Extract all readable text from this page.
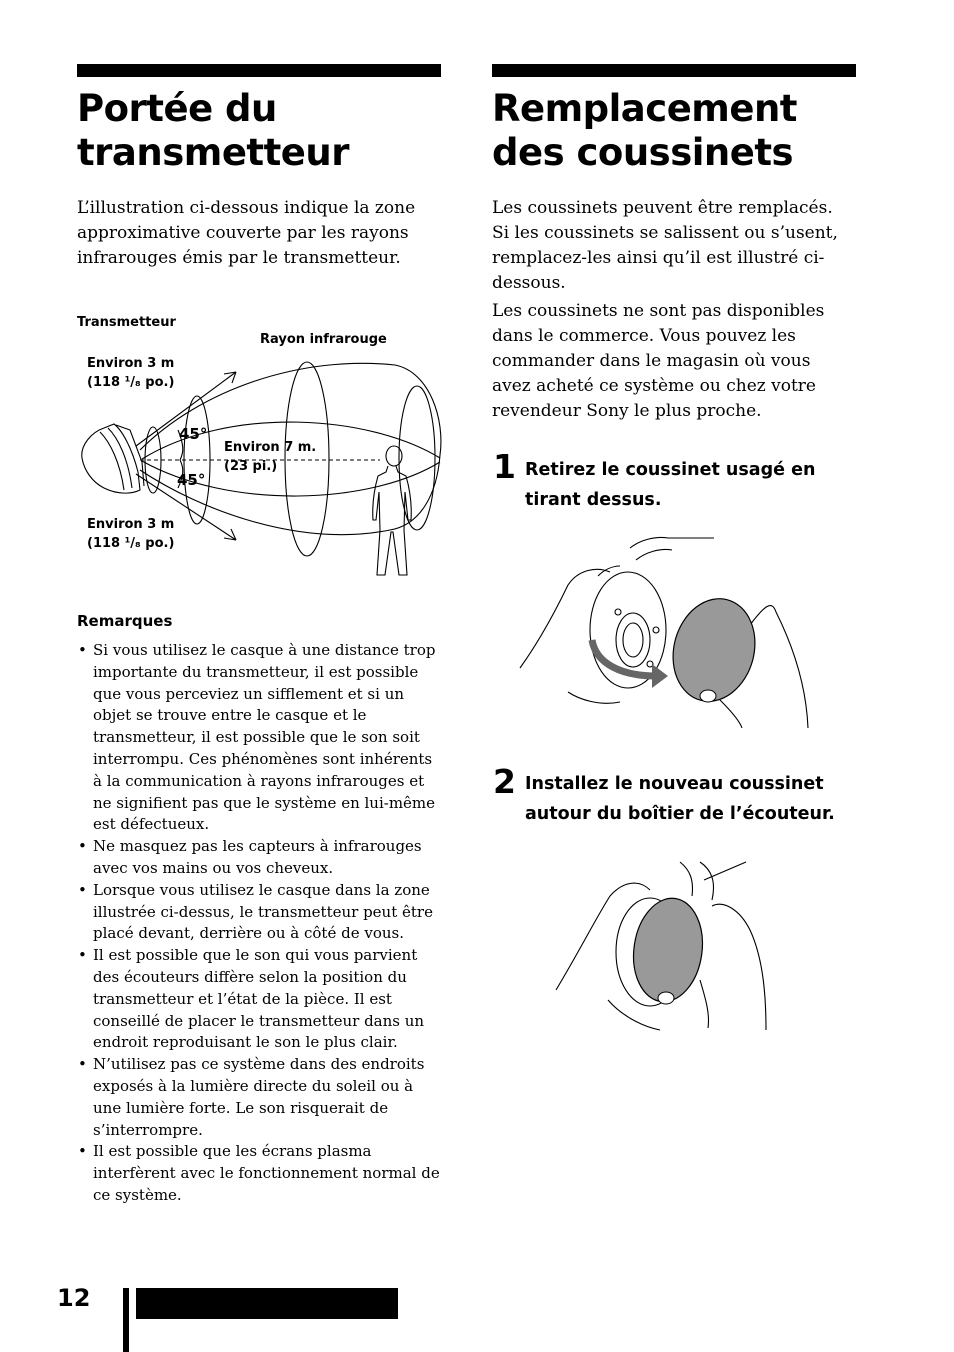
Portée du
transmetteur

L’illustration ci-dessous indique la zone approximative couverte par les rayons infrarouges émis par le transmetteur.

Transmetteur
Rayon infrarouge
Environ 3 m
(118 ¹/₈ po.)
45°
45°
Environ 7 m.
(23 pi.)
Environ 3 m
(118 ¹/₈ po.)
Remarques
• Si vous utilisez le casque à une distance trop importante du transmetteur, il est possible que vous perceviez un sifflement et si un objet se trouve entre le casque et le transmetteur, il est possible que le son soit interrompu. Ces phénomènes sont inhérents à la communication à rayons infrarouges et ne signifient pas que le système en lui-même est défectueux.
• Ne masquez pas les capteurs à infrarouges avec vos mains ou vos cheveux.
• Lorsque vous utilisez le casque dans la zone illustrée ci-dessus, le transmetteur peut être placé devant, derrière ou à côté de vous.
• Il est possible que le son qui vous parvient des écouteurs diffère selon la position du transmetteur et l’état de la pièce. Il est conseillé de placer le transmetteur dans un endroit reproduisant le son le plus clair.
• N’utilisez pas ce système dans des endroits exposés à la lumière directe du soleil ou à une lumière forte. Le son risquerait de s’interrompre.
• Il est possible que les écrans plasma interfèrent avec le fonctionnement normal de ce système.
Remplacement
des coussinets

Les coussinets peuvent être remplacés. Si les coussinets se salissent ou s’usent, remplacez-les ainsi qu’il est illustré ci-dessous.

Les coussinets ne sont pas disponibles dans le commerce. Vous pouvez les commander dans le magasin où vous avez acheté ce système ou chez votre revendeur Sony le plus proche.

1 Retirez le coussinet usagé en tirant dessus.

2 Installez le nouveau coussinet autour du boîtier de l’écouteur.

12
